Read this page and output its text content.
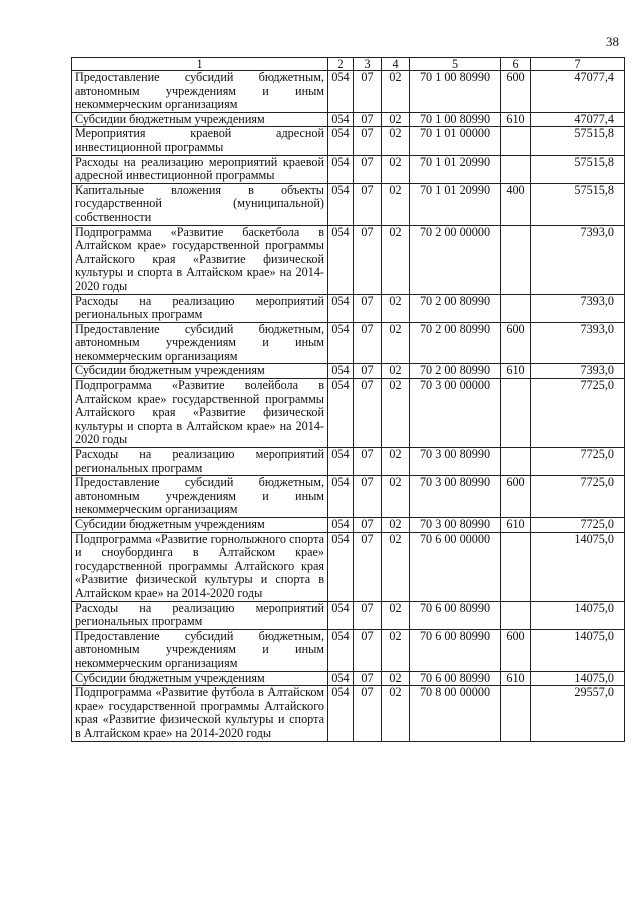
38
1	2	3	4	5	6	7
Предоставление субсидий бюджетным, автономным учреждениям и иным некоммерческим организациям	054	07	02	70 1 00 80990	600	47077,4
Субсидии бюджетным учреждениям	054	07	02	70 1 00 80990	610	47077,4
Мероприятия краевой адресной инвестиционной программы	054	07	02	70 1 01 00000		57515,8
Расходы на реализацию мероприятий краевой адресной инвестиционной программы	054	07	02	70 1 01 20990		57515,8
Капитальные вложения в объекты государственной (муниципальной) собственности	054	07	02	70 1 01 20990	400	57515,8
Подпрограмма «Развитие баскетбола в Алтайском крае» государственной программы Алтайского края «Развитие физической культуры и спорта в Алтайском крае» на 2014-2020 годы	054	07	02	70 2 00 00000		7393,0
Расходы на реализацию мероприятий региональных программ	054	07	02	70 2 00 80990		7393,0
Предоставление субсидий бюджетным, автономным учреждениям и иным некоммерческим организациям	054	07	02	70 2 00 80990	600	7393,0
Субсидии бюджетным учреждениям	054	07	02	70 2 00 80990	610	7393,0
Подпрограмма «Развитие волейбола в Алтайском крае» государственной программы Алтайского края «Развитие физической культуры и спорта в Алтайском крае» на 2014-2020 годы	054	07	02	70 3 00 00000		7725,0
Расходы на реализацию мероприятий региональных программ	054	07	02	70 3 00 80990		7725,0
Предоставление субсидий бюджетным, автономным учреждениям и иным некоммерческим организациям	054	07	02	70 3 00 80990	600	7725,0
Субсидии бюджетным учреждениям	054	07	02	70 3 00 80990	610	7725,0
Подпрограмма «Развитие горнолыжного спорта и сноубординга в Алтайском крае» государственной программы Алтайского края «Развитие физической культуры и спорта в Алтайском крае» на 2014-2020 годы	054	07	02	70 6 00 00000		14075,0
Расходы на реализацию мероприятий региональных программ	054	07	02	70 6 00 80990		14075,0
Предоставление субсидий бюджетным, автономным учреждениям и иным некоммерческим организациям	054	07	02	70 6 00 80990	600	14075,0
Субсидии бюджетным учреждениям	054	07	02	70 6 00 80990	610	14075,0
Подпрограмма «Развитие футбола в Алтайском крае» государственной программы Алтайского края «Развитие физической культуры и спорта в Алтайском крае» на 2014-2020 годы	054	07	02	70 8 00 00000		29557,0
